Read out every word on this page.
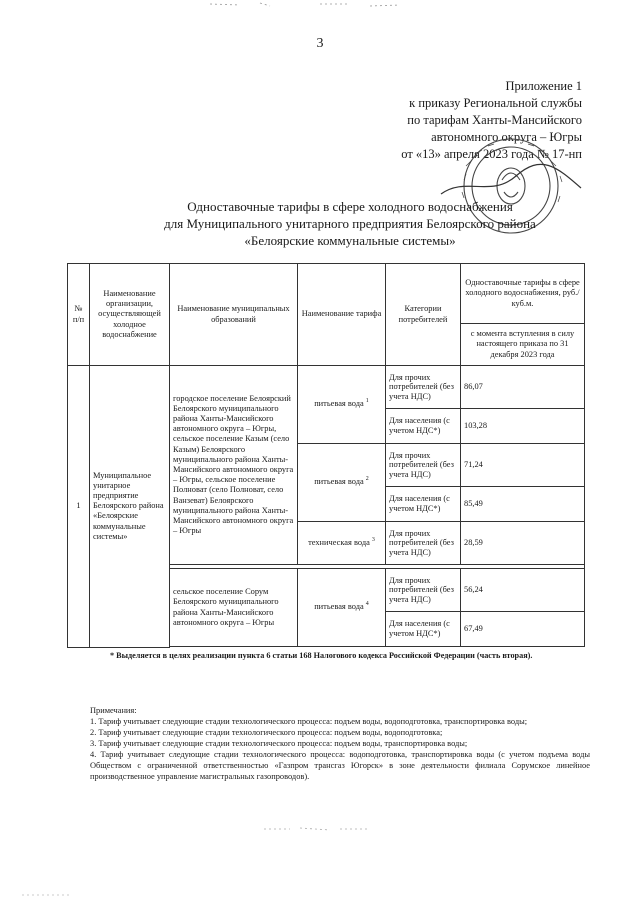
3
Приложение 1
к приказу Региональной службы
по тарифам Ханты-Мансийского
автономного округа – Югры
от «13» апреля 2023 года № 17-нп
Одноставочные тарифы в сфере холодного водоснабжения
для Муниципального унитарного предприятия Белоярского района
«Белоярские коммунальные системы»
№ п/п	Наименование организации, осуществляющей холодное водоснабжение	Наименование муниципальных образований	Наименование тарифа	Категории потребителей	Одноставочные тарифы в сфере холодного водоснабжения, руб./куб.м.
					с момента вступления в силу настоящего приказа по 31 декабря 2023 года
1	Муниципальное унитарное предприятие Белоярского района «Белоярские коммунальные системы»	городское поселение Белоярский Белоярского муниципального района Ханты-Мансийского автономного округа – Югры, сельское поселение Казым (село Казым) Белоярского муниципального района Ханты-Мансийского автономного округа – Югры, сельское поселение Полноват (село Полноват, село Ванзеват) Белоярского муниципального района Ханты-Мансийского автономного округа – Югры	питьевая вода $^1$	Для прочих потребителей (без учета НДС)	86,07
				Для населения (с учетом НДС*)	103,28
			питьевая вода $^2$	Для прочих потребителей (без учета НДС)	71,24
				Для населения (с учетом НДС*)	85,49
			техническая вода $^3$	Для прочих потребителей (без учета НДС)	28,59

		сельское поселение Сорум Белоярского муниципального района Ханты-Мансийского автономного округа – Югры	питьевая вода $^4$	Для прочих потребителей (без учета НДС)	56,24
				Для населения (с учетом НДС*)	67,49

* Выделяется в целях реализации пункта 6 статьи 168 Налогового кодекса Российской Федерации (часть вторая).
Примечания:
1. Тариф учитывает следующие стадии технологического процесса: подъем воды, водоподготовка, транспортировка воды;
2. Тариф учитывает следующие стадии технологического процесса: подъем воды, водоподготовка;
3. Тариф учитывает следующие стадии технологического процесса: подъем воды, транспортировка воды;
4. Тариф учитывает следующие стадии технологического процесса: водоподготовка, транспортировка воды (с учетом подъема воды Обществом с ограниченной ответственностью «Газпром трансгаз Югорск» в зоне деятельности филиала Сорумское линейное производственное управление магистральных газопроводов).
